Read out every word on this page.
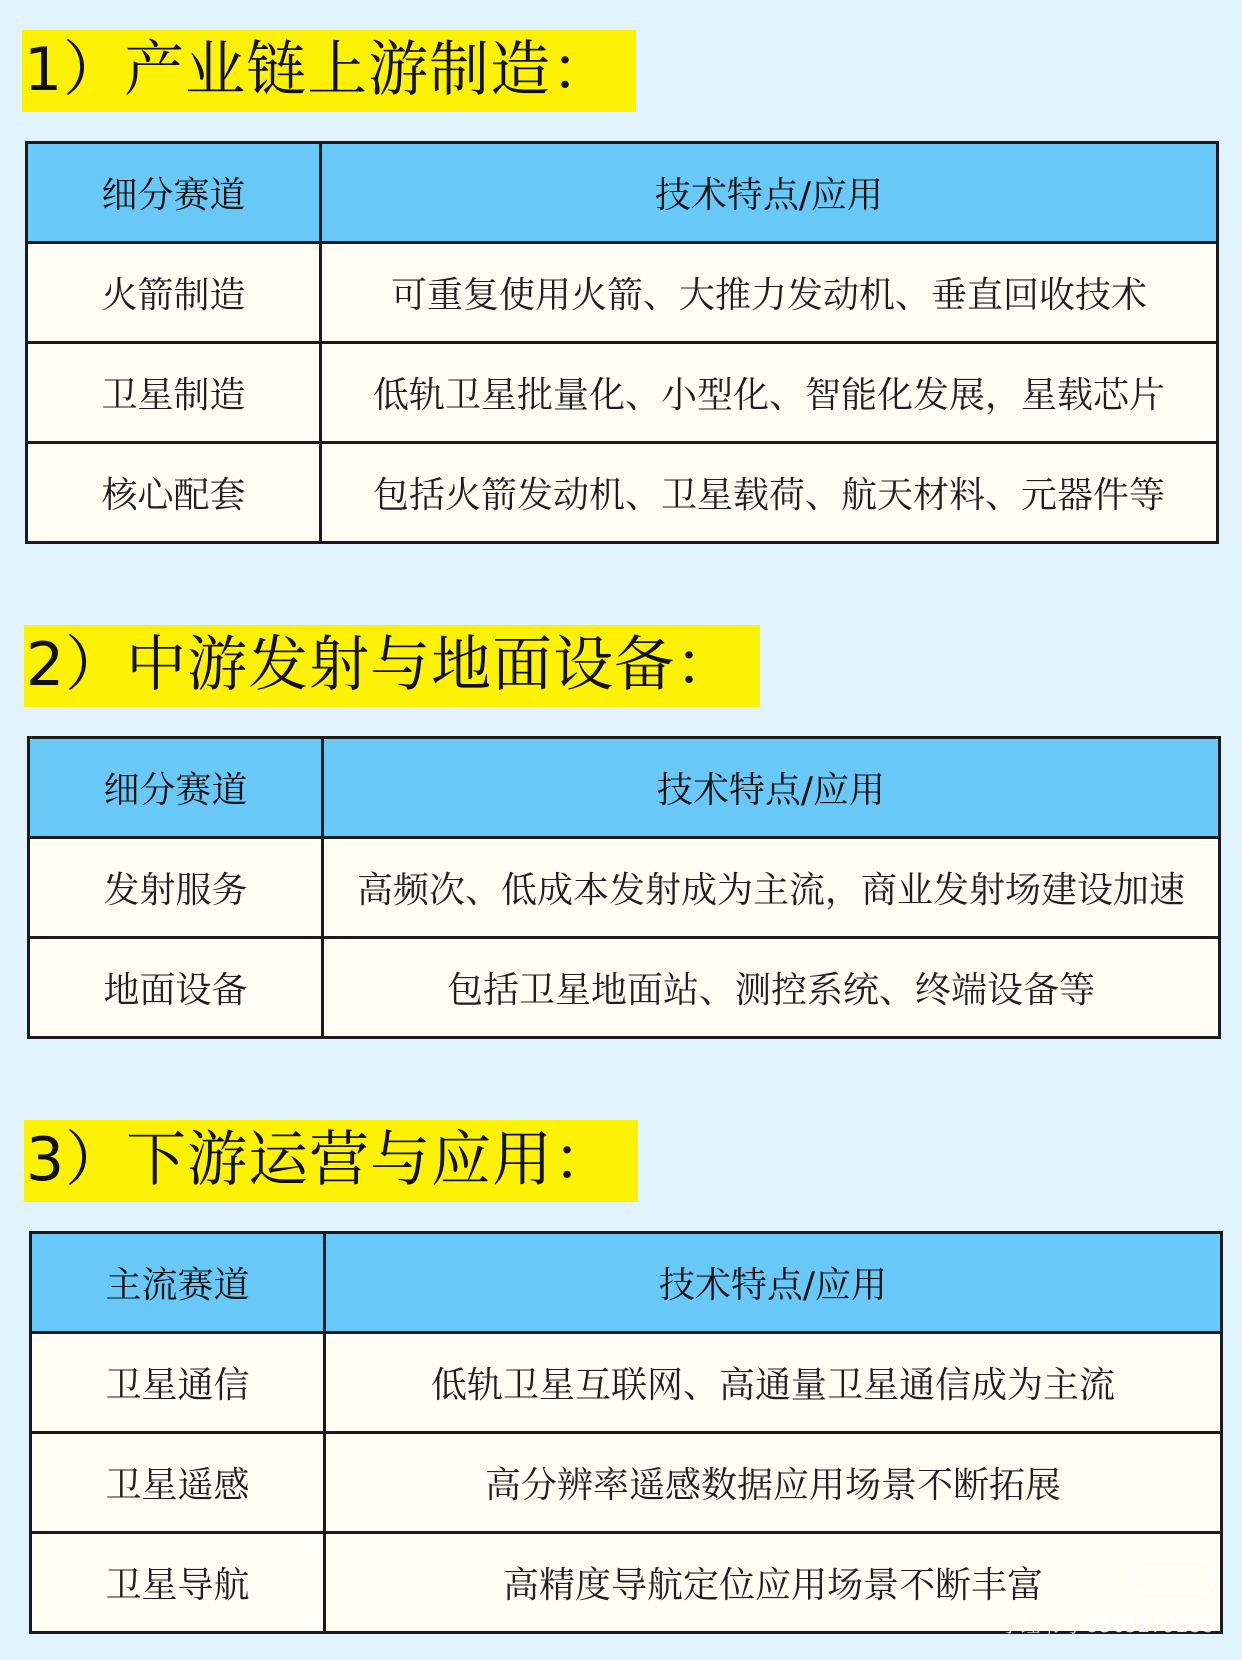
1）产业链上游制造：
细分赛道	技术特点/应用
火箭制造	可重复使用火箭、大推力发动机、垂直回收技术
卫星制造	低轨卫星批量化、小型化、智能化发展，星载芯片
核心配套	包括火箭发动机、卫星载荷、航天材料、元器件等
2）中游发射与地面设备：
细分赛道	技术特点/应用
发射服务	高频次、低成本发射成为主流，商业发射场建设加速
地面设备	包括卫星地面站、测控系统、终端设备等
3）下游运营与应用：
主流赛道	技术特点/应用
卫星通信	低轨卫星互联网、高通量卫星通信成为主流
卫星遥感	高分辨率遥感数据应用场景不断拓展
卫星导航	高精度导航定位应用场景不断丰富	小红书
小红书号 9565279288
